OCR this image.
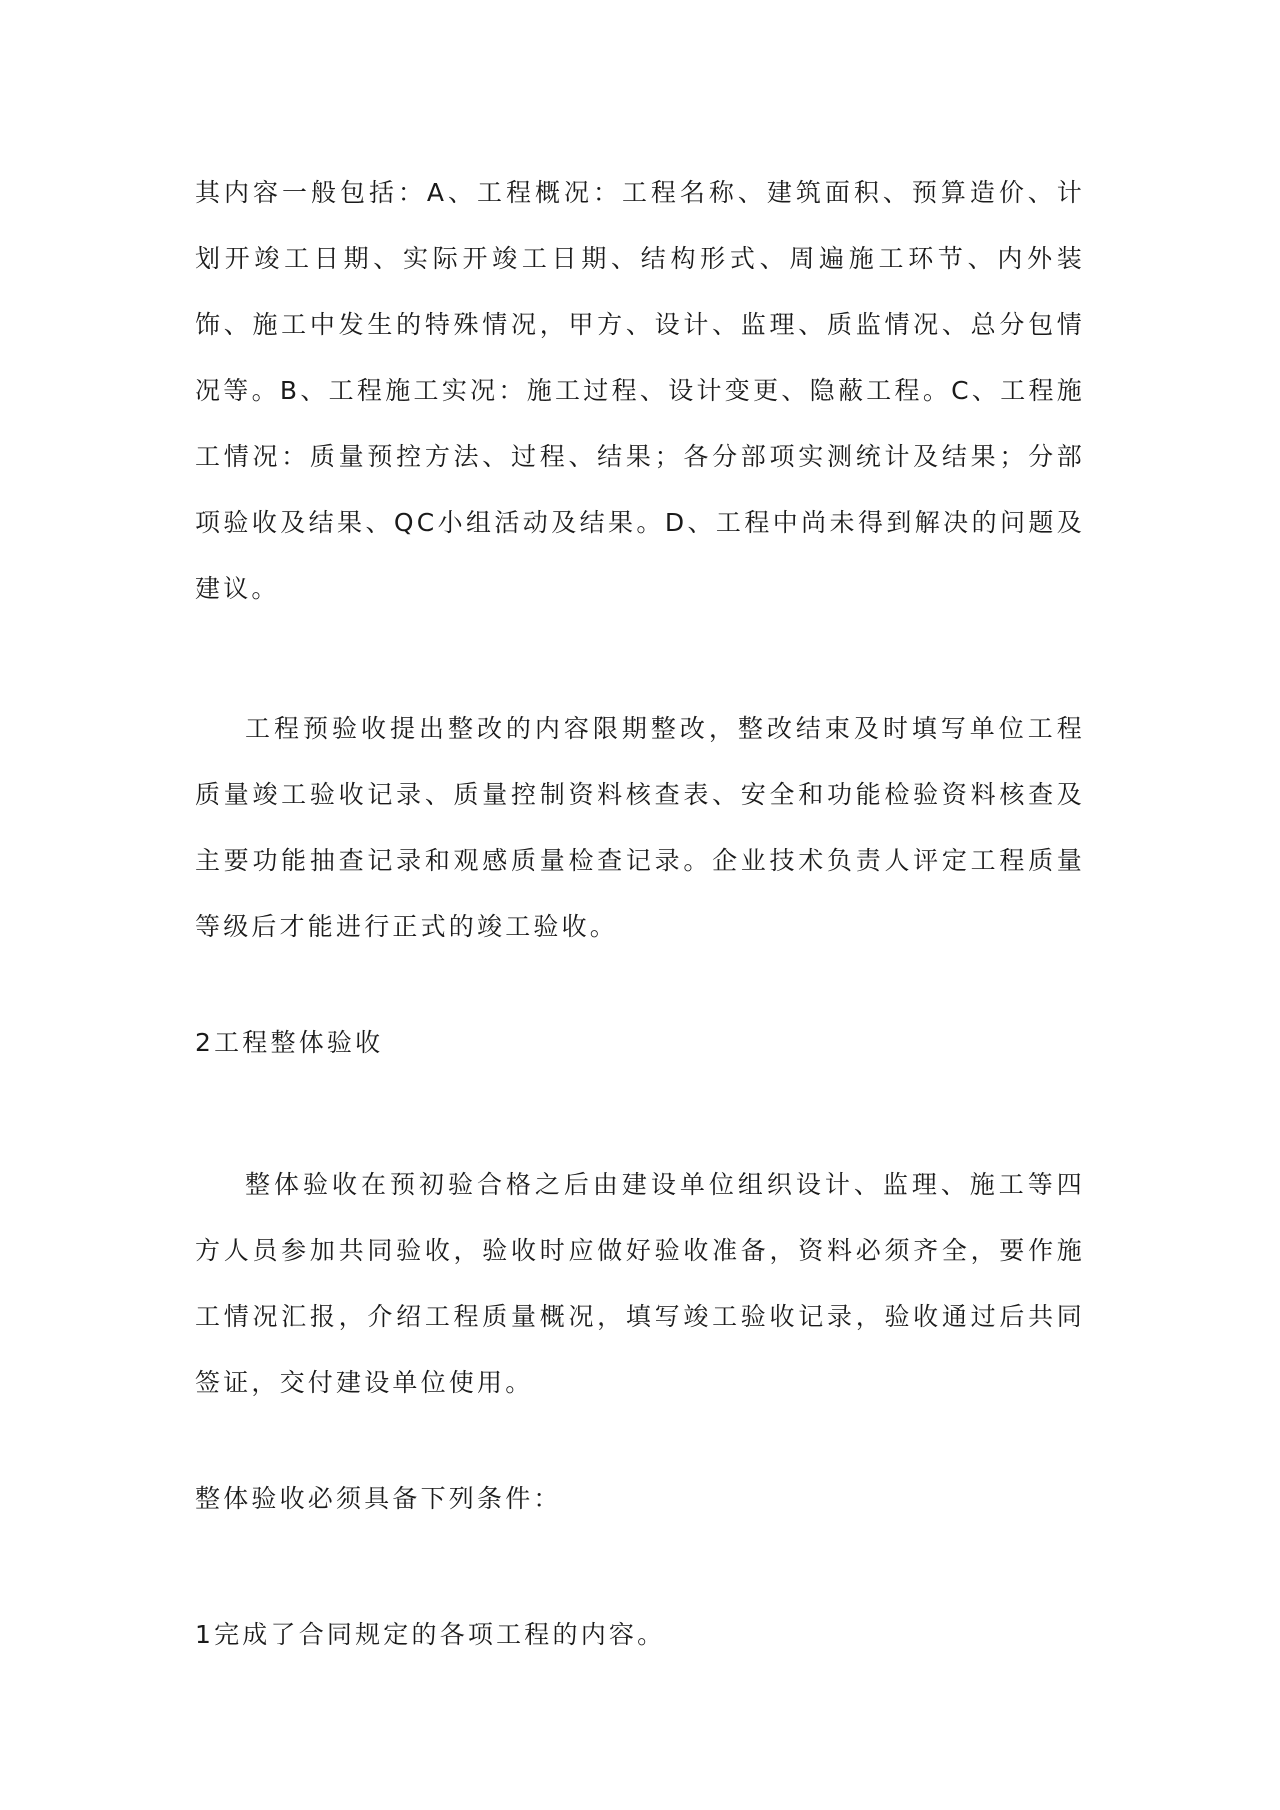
其内容一般包括：A、工程概况：工程名称、建筑面积、预算造价、计划开竣工日期、实际开竣工日期、结构形式、周遍施工环节、内外装饰、施工中发生的特殊情况，甲方、设计、监理、质监情况、总分包情况等。B、工程施工实况：施工过程、设计变更、隐蔽工程。C、工程施工情况：质量预控方法、过程、结果；各分部项实测统计及结果；分部项验收及结果、QC小组活动及结果。D、工程中尚未得到解决的问题及建议。

工程预验收提出整改的内容限期整改，整改结束及时填写单位工程质量竣工验收记录、质量控制资料核查表、安全和功能检验资料核查及主要功能抽查记录和观感质量检查记录。企业技术负责人评定工程质量等级后才能进行正式的竣工验收。

2工程整体验收

整体验收在预初验合格之后由建设单位组织设计、监理、施工等四方人员参加共同验收，验收时应做好验收准备，资料必须齐全，要作施工情况汇报，介绍工程质量概况，填写竣工验收记录，验收通过后共同签证，交付建设单位使用。

整体验收必须具备下列条件：

1完成了合同规定的各项工程的内容。
